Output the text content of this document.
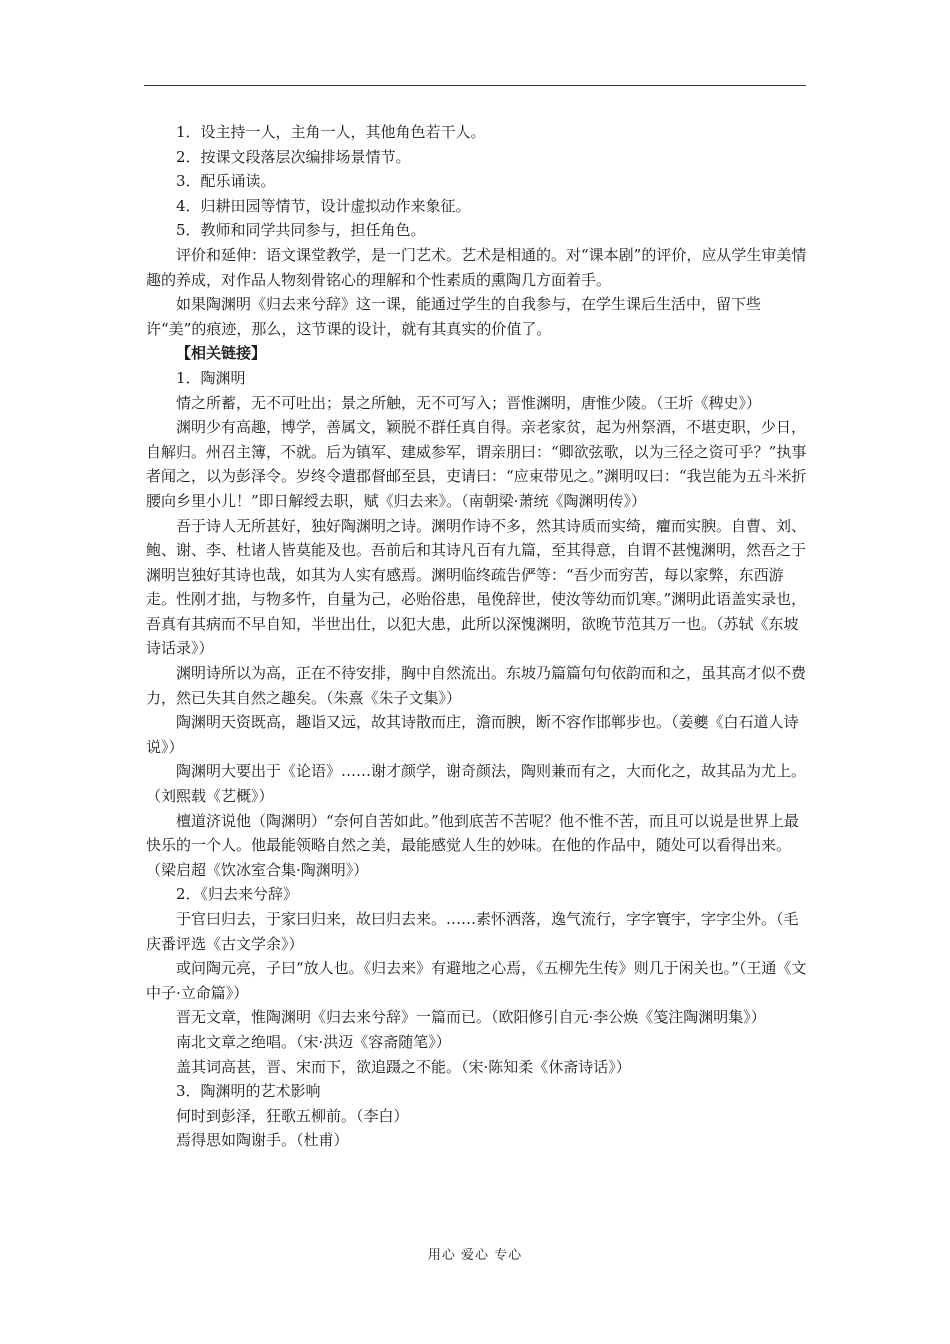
1．设主持一人，主角一人，其他角色若干人。

2．按课文段落层次编排场景情节。

3．配乐诵读。

4．归耕田园等情节，设计虚拟动作来象征。

5．教师和同学共同参与，担任角色。

评价和延伸：语文课堂教学，是一门艺术。艺术是相通的。对“课本剧”的评价，应从学生审美情趣的养成，对作品人物刻骨铭心的理解和个性素质的熏陶几方面着手。

如果陶渊明《归去来兮辞》这一课，能通过学生的自我参与，在学生课后生活中，留下些许“美”的痕迹，那么，这节课的设计，就有其真实的价值了。

【相关链接】

1．陶渊明

情之所蓄，无不可吐出；景之所触，无不可写入；晋惟渊明，唐惟少陵。（王圻《稗史》）

渊明少有高趣，博学，善属文，颖脱不群任真自得。亲老家贫，起为州祭酒，不堪吏职，少日，自解归。州召主簿，不就。后为镇军、建威参军，谓亲朋曰：“卿欲弦歌，以为三径之资可乎？”执事者闻之，以为彭泽令。岁终令遣郡督邮至县，吏请曰：“应束带见之。”渊明叹曰：“我岂能为五斗米折腰向乡里小儿！”即日解绶去职，赋《归去来》。（南朝梁·萧统《陶渊明传》）

吾于诗人无所甚好，独好陶渊明之诗。渊明作诗不多，然其诗质而实绮，癯而实腴。自曹、刘、鲍、谢、李、杜诸人皆莫能及也。吾前后和其诗凡百有九篇，至其得意，自谓不甚愧渊明，然吾之于渊明岂独好其诗也哉，如其为人实有感焉。渊明临终疏告俨等：“吾少而穷苦，每以家弊，东西游走。性刚才拙，与物多忤，自量为己，必贻俗患，黾俛辞世，使汝等幼而饥寒。”渊明此语盖实录也，吾真有其病而不早自知，半世出仕，以犯大患，此所以深愧渊明，欲晚节范其万一也。（苏轼《东坡诗话录》）

渊明诗所以为高，正在不待安排，胸中自然流出。东坡乃篇篇句句依韵而和之，虽其高才似不费力，然已失其自然之趣矣。（朱熹《朱子文集》）

陶渊明天资既高，趣诣又远，故其诗散而庄，澹而腴，断不容作邯郸步也。（姜夔《白石道人诗说》）

陶渊明大要出于《论语》……谢才颜学，谢奇颜法，陶则兼而有之，大而化之，故其品为尤上。（刘熙载《艺概》）

檀道济说他（陶渊明）“奈何自苦如此。”他到底苦不苦呢？他不惟不苦，而且可以说是世界上最快乐的一个人。他最能领略自然之美，最能感觉人生的妙味。在他的作品中，随处可以看得出来。（梁启超《饮冰室合集·陶渊明》）

2．《归去来兮辞》

于官曰归去，于家曰归来，故曰归去来。……素怀洒落，逸气流行，字字寰宇，字字尘外。（毛庆番评选《古文学余》）

或问陶元亮，子曰“放人也。《归去来》有避地之心焉，《五柳先生传》则几于闲关也。”（王通《文中子·立命篇》）

晋无文章，惟陶渊明《归去来兮辞》一篇而已。（欧阳修引自元·李公焕《笺注陶渊明集》）

南北文章之绝唱。（宋·洪迈《容斋随笔》）

盖其词高甚，晋、宋而下，欲追蹑之不能。（宋·陈知柔《休斋诗话》）

3．陶渊明的艺术影响

何时到彭泽，狂歌五柳前。（李白）

焉得思如陶谢手。（杜甫）

用心 爱心 专心
